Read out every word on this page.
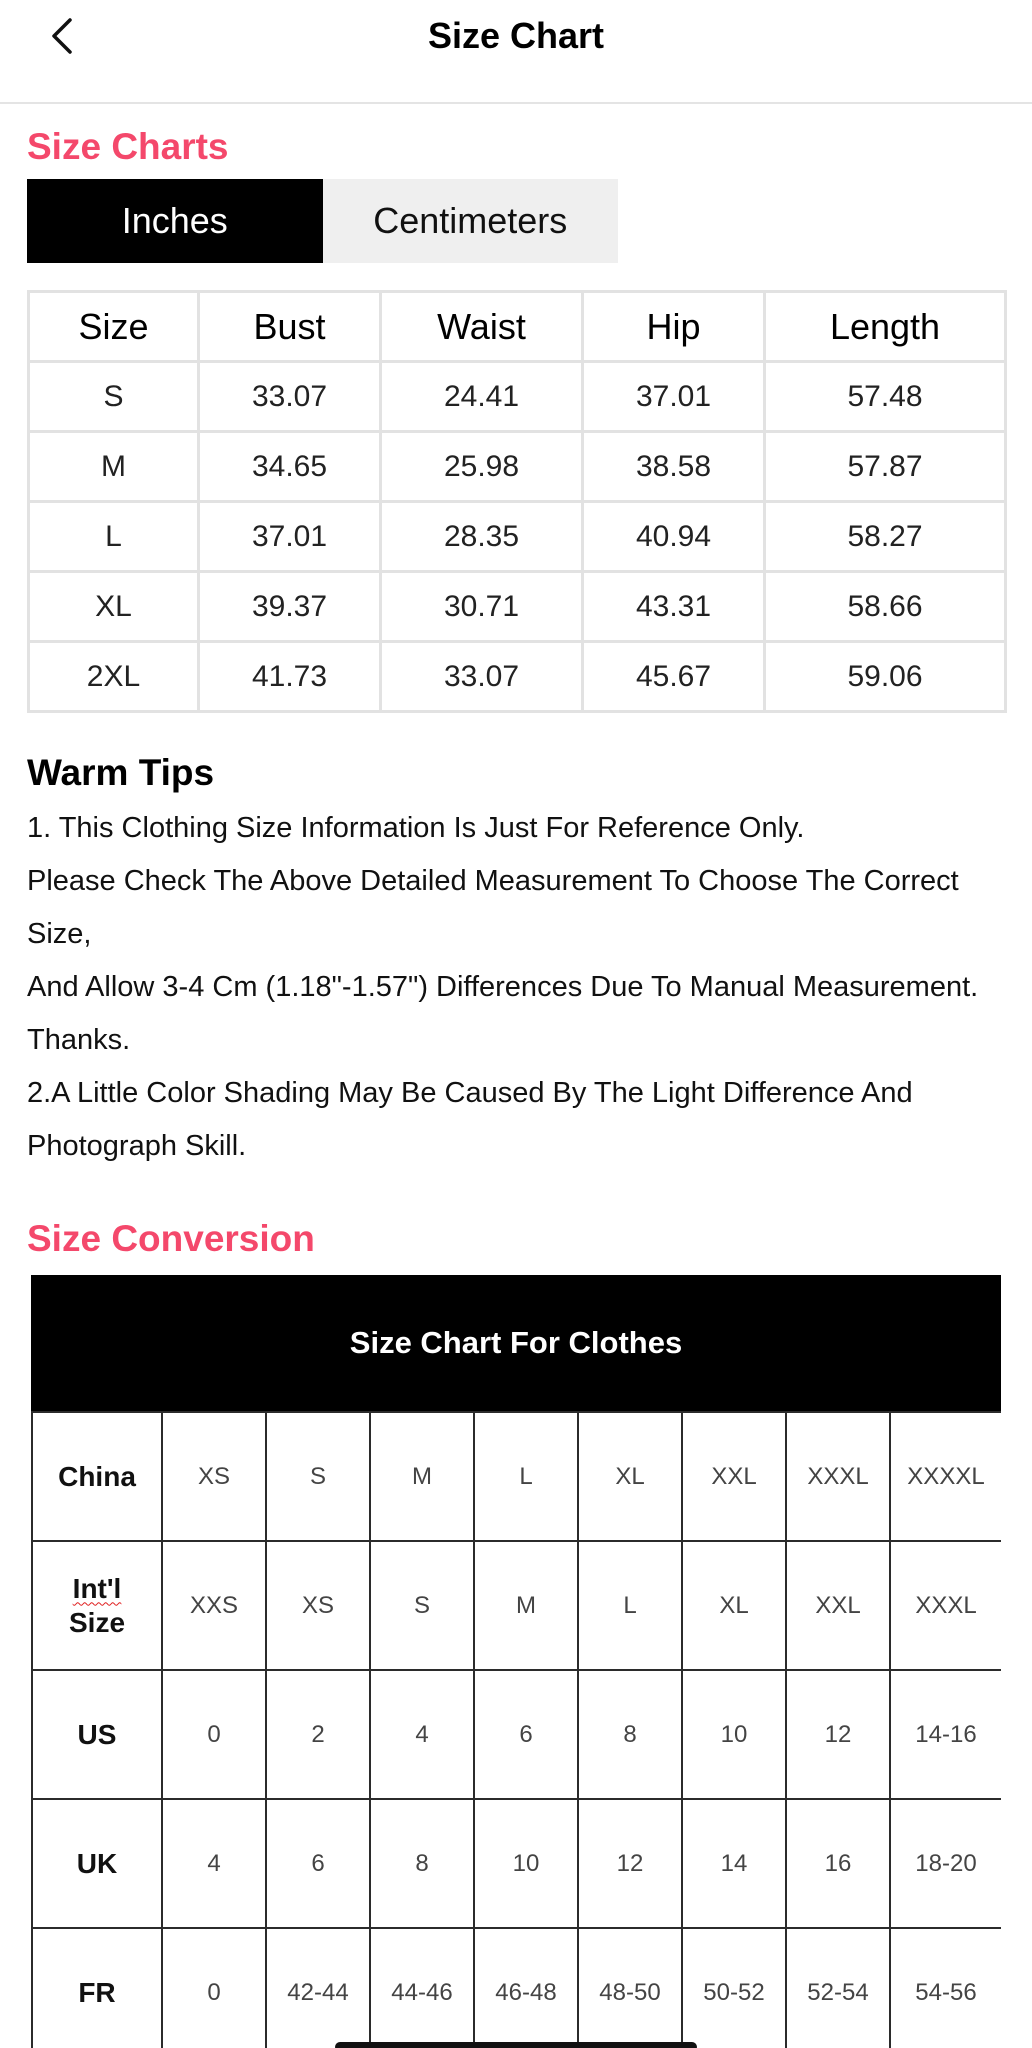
Size Chart
Size Charts
Inches	Centimeters
Size	Bust	Waist	Hip	Length
S	33.07	24.41	37.01	57.48
M	34.65	25.98	38.58	57.87
L	37.01	28.35	40.94	58.27
XL	39.37	30.71	43.31	58.66
2XL	41.73	33.07	45.67	59.06
Warm Tips

1. This Clothing Size Information Is Just For Reference Only.

Please Check The Above Detailed Measurement To Choose The Correct Size,

And Allow 3-4 Cm (1.18"-1.57") Differences Due To Manual Measurement. Thanks.

2.A Little Color Shading May Be Caused By The Light Difference And Photograph Skill.

Size Conversion
Size Chart For Clothes
China	XS	S	M	L	XL	XXL	XXXL	XXXXL
Int'l
Size	XXS	XS	S	M	L	XL	XXL	XXXL
US	0	2	4	6	8	10	12	14-16
UK	4	6	8	10	12	14	16	18-20
FR	0	42-44	44-46	46-48	48-50	50-52	52-54	54-56
